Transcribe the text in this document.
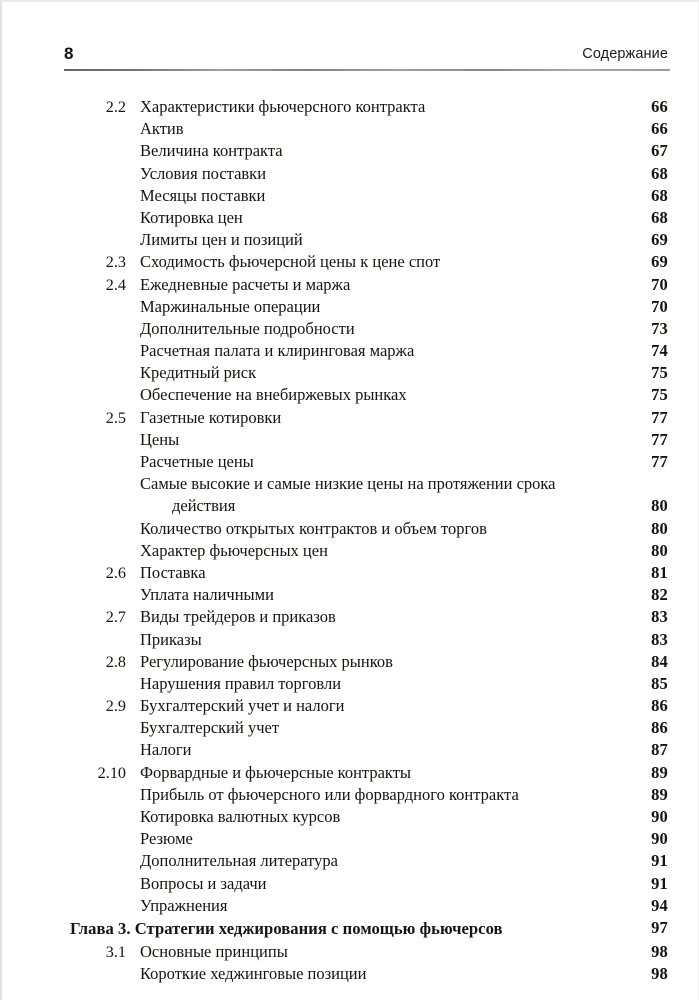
8	Содержание
2.2 Характеристики фьючерсного контракта	66
Актив	66
Величина контракта	67
Условия поставки	68
Месяцы поставки	68
Котировка цен	68
Лимиты цен и позиций	69
2.3 Сходимость фьючерсной цены к цене спот	69
2.4 Ежедневные расчеты и маржа	70
Маржинальные операции	70
Дополнительные подробности	73
Расчетная палата и клиринговая маржа	74
Кредитный риск	75
Обеспечение на внебиржевых рынках	75
2.5 Газетные котировки	77
Цены	77
Расчетные цены	77
Самые высокие и самые низкие цены на протяжении срока
действия	80
Количество открытых контрактов и объем торгов	80
Характер фьючерсных цен	80
2.6 Поставка	81
Уплата наличными	82
2.7 Виды трейдеров и приказов	83
Приказы	83
2.8 Регулирование фьючерсных рынков	84
Нарушения правил торговли	85
2.9 Бухгалтерский учет и налоги	86
Бухгалтерский учет	86
Налоги	87
2.10 Форвардные и фьючерсные контракты	89
Прибыль от фьючерсного или форвардного контракта	89
Котировка валютных курсов	90
Резюме	90
Дополнительная литература	91
Вопросы и задачи	91
Упражнения	94
Глава 3. Стратегии хеджирования с помощью фьючерсов	97
3.1 Основные принципы	98
Короткие хеджинговые позиции	98
